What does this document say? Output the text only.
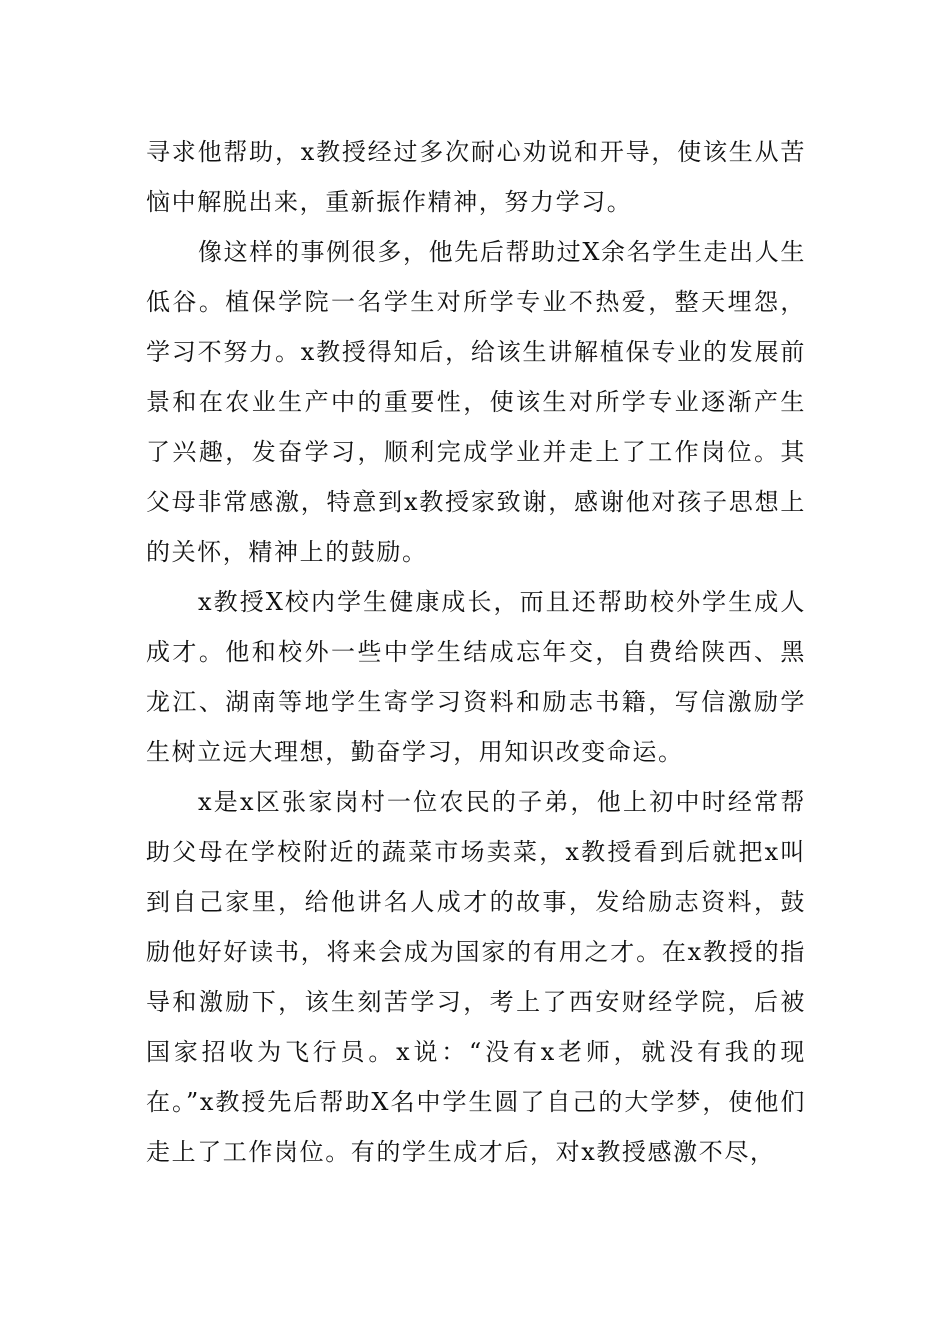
寻求他帮助，x教授经过多次耐心劝说和开导，使该生从苦恼中解脱出来，重新振作精神，努力学习。

像这样的事例很多，他先后帮助过X余名学生走出人生低谷。植保学院一名学生对所学专业不热爱，整天埋怨，学习不努力。x教授得知后，给该生讲解植保专业的发展前景和在农业生产中的重要性，使该生对所学专业逐渐产生了兴趣，发奋学习，顺利完成学业并走上了工作岗位。其父母非常感激，特意到x教授家致谢，感谢他对孩子思想上的关怀，精神上的鼓励。

x教授X校内学生健康成长，而且还帮助校外学生成人成才。他和校外一些中学生结成忘年交，自费给陕西、黑龙江、湖南等地学生寄学习资料和励志书籍，写信激励学生树立远大理想，勤奋学习，用知识改变命运。

x是x区张家岗村一位农民的子弟，他上初中时经常帮助父母在学校附近的蔬菜市场卖菜，x教授看到后就把x叫到自己家里，给他讲名人成才的故事，发给励志资料，鼓励他好好读书，将来会成为国家的有用之才。在x教授的指导和激励下，该生刻苦学习，考上了西安财经学院，后被国家招收为飞行员。x说：“没有x老师，就没有我的现在。”x教授先后帮助X名中学生圆了自己的大学梦，使他们走上了工作岗位。有的学生成才后，对x教授感激不尽，
